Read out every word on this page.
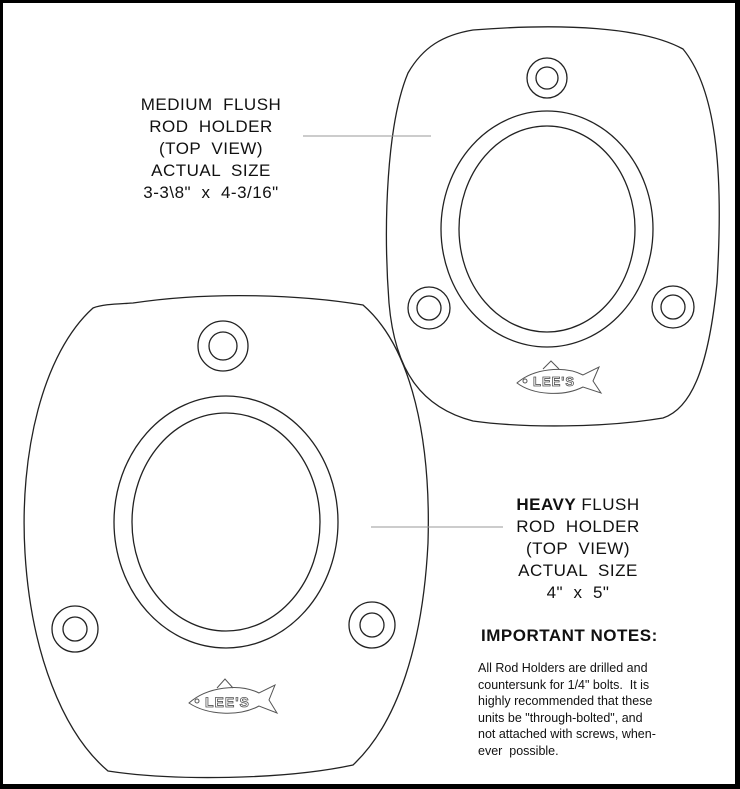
LEE'S
LEE'S
MEDIUM  FLUSH
ROD  HOLDER
(TOP  VIEW)
ACTUAL  SIZE
3-3\8"  x  4-3/16"
HEAVY FLUSH
ROD  HOLDER
(TOP  VIEW)
ACTUAL  SIZE
4"  x  5"
IMPORTANT NOTES:
All Rod Holders are drilled and
countersunk for 1/4" bolts.  It is
highly recommended that these
units be "through-bolted", and
not attached with screws, when-
ever  possible.
